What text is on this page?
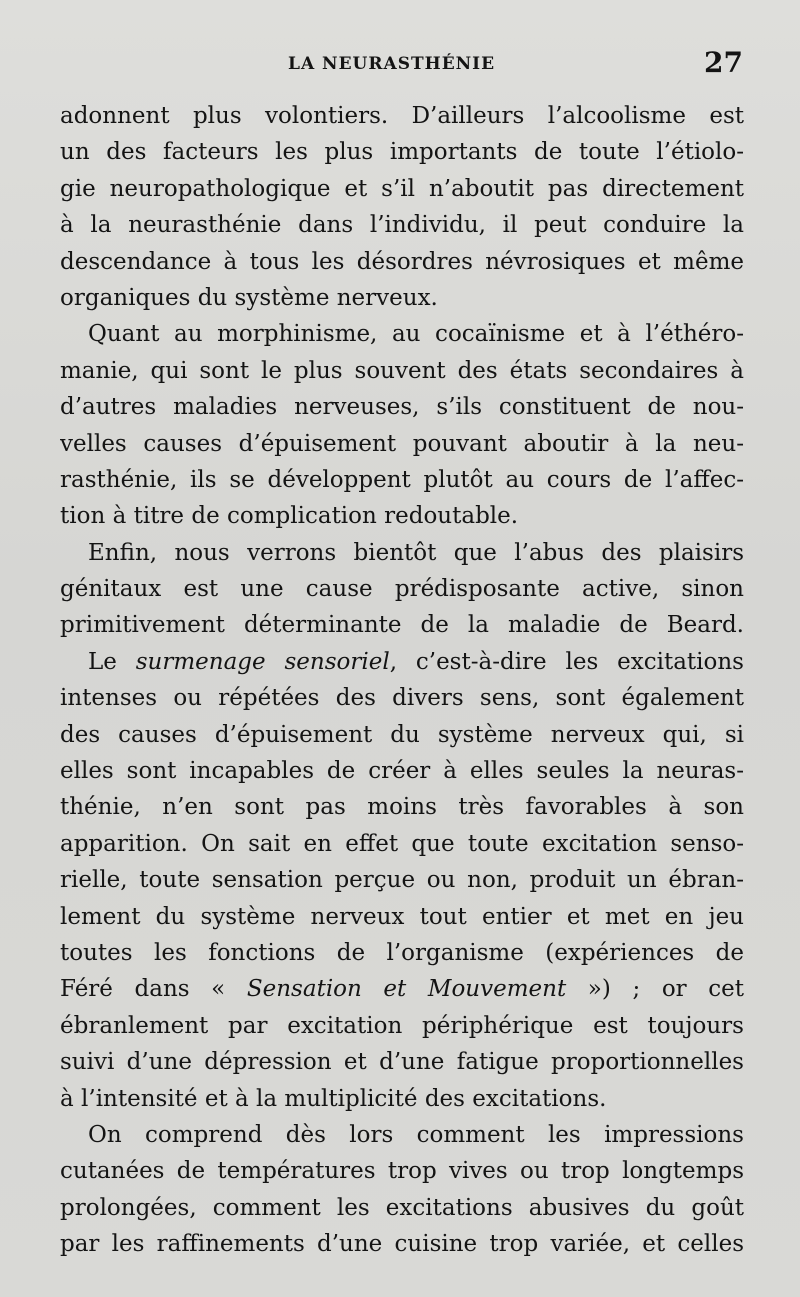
LA NEURASTHÉNIE	27
adonnent plus volontiers. D’ailleurs l’alcoolisme est
un des facteurs les plus importants de toute l’étiolo-
gie neuropathologique et s’il n’aboutit pas directement
à la neurasthénie dans l’individu, il peut conduire la
descendance à tous les désordres névrosiques et même
organiques du système nerveux.
Quant au morphinisme, au cocaïnisme et à l’éthéro-
manie, qui sont le plus souvent des états secondaires à
d’autres maladies nerveuses, s’ils constituent de nou-
velles causes d’épuisement pouvant aboutir à la neu-
rasthénie, ils se développent plutôt au cours de l’affec-
tion à titre de complication redoutable.
Enfin, nous verrons bientôt que l’abus des plaisirs
génitaux est une cause prédisposante active, sinon
primitivement déterminante de la maladie de Beard.
Le surmenage sensoriel, c’est-à-dire les excitations
intenses ou répétées des divers sens, sont également
des causes d’épuisement du système nerveux qui, si
elles sont incapables de créer à elles seules la neuras-
thénie, n’en sont pas moins très favorables à son
apparition. On sait en effet que toute excitation senso-
rielle, toute sensation perçue ou non, produit un ébran-
lement du système nerveux tout entier et met en jeu
toutes les fonctions de l’organisme (expériences de
Féré dans « Sensation et Mouvement ») ; or cet
ébranlement par excitation périphérique est toujours
suivi d’une dépression et d’une fatigue proportionnelles
à l’intensité et à la multiplicité des excitations.
On comprend dès lors comment les impressions
cutanées de températures trop vives ou trop longtemps
prolongées, comment les excitations abusives du goût
par les raffinements d’une cuisine trop variée, et celles
